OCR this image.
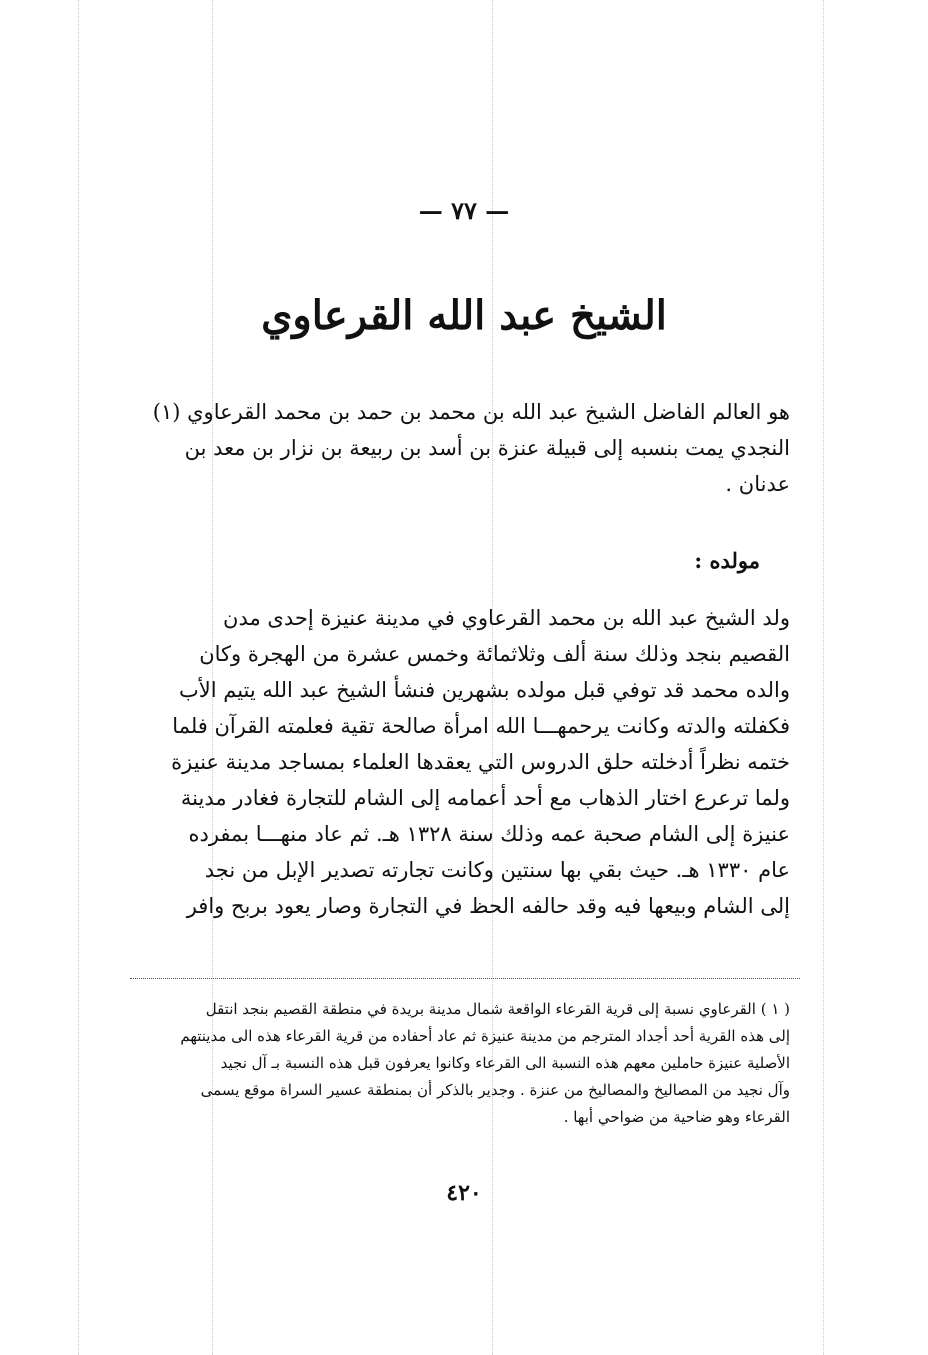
— ٧٧ —
الشيخ عبد الله القرعاوي
هو العالم الفاضل الشيخ عبد الله بن محمد بن حمد بن محمد القرعاوي (١)
النجدي يمت بنسبه إلى قبيلة عنزة بن أسد بن ربيعة بن نزار بن معد بن
عدنان .
مولده :
ولد الشيخ عبد الله بن محمد القرعاوي في مدينة عنيزة إحدى مدن
القصيم بنجد وذلك سنة ألف وثلاثمائة وخمس عشرة من الهجرة وكان
والده محمد قد توفي قبل مولده بشهرين فنشأ الشيخ عبد الله يتيم الأب
فكفلته والدته وكانت يرحمهـــا الله امرأة صالحة تقية فعلمته القرآن فلما
ختمه نظراً أدخلته حلق الدروس التي يعقدها العلماء بمساجد مدينة عنيزة
ولما ترعرع اختار الذهاب مع أحد أعمامه إلى الشام للتجارة فغادر مدينة
عنيزة إلى الشام صحبة عمه وذلك سنة ١٣٢٨ هـ. ثم عاد منهـــا بمفرده
عام ١٣٣٠ هـ. حيث بقي بها سنتين وكانت تجارته تصدير الإبل من نجد
إلى الشام وبيعها فيه وقد حالفه الحظ في التجارة وصار يعود بربح وافر
( ١ ) القرعاوي نسبة إلى قرية القرعاء الواقعة شمال مدينة بريدة في منطقة القصيم بنجد انتقل
إلى هذه القرية أحد أجداد المترجم من مدينة عنيزة ثم عاد أحفاده من قرية القرعاء هذه الى مدينتهم
الأصلية عنيزة حاملين معهم هذه النسبة الى القرعاء وكانوا يعرفون قبل هذه النسبة بـ آل نجيد
وآل نجيد من المصاليخ والمصاليخ من عنزة . وجدير بالذكر أن بمنطقة عسير السراة موقع يسمى
القرعاء وهو ضاحية من ضواحي أبها .
٤٢٠
